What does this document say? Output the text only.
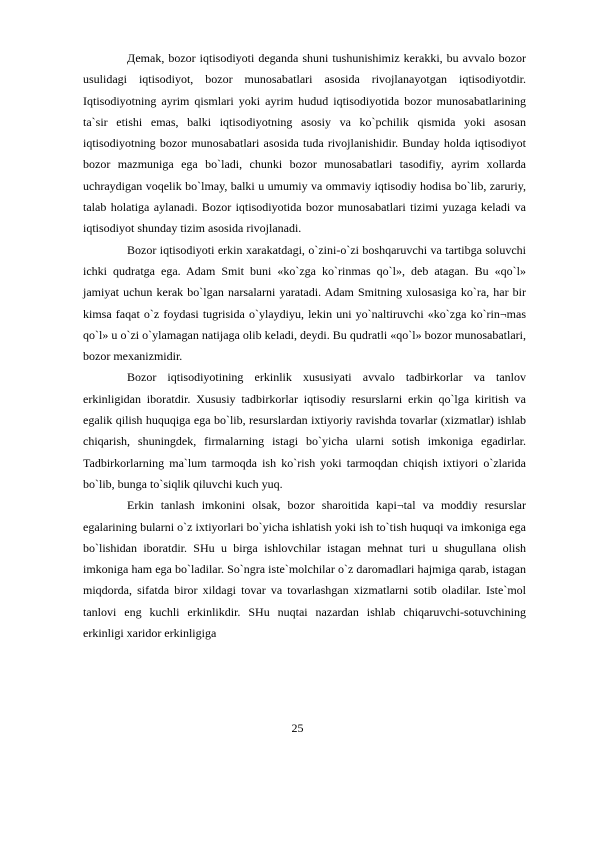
Деmak, bozor iqtisodiyoti deganda shuni tushunishimiz kerakki, bu avvalo bozor usulidagi iqtisodiyot, bozor munosabatlari asosida rivojlanayotgan iqtisodiyotdir. Iqtisodiyotning ayrim qismlari yoki ayrim hudud iqtisodiyotida bozor munosabatlarining ta`sir etishi emas, balki iqtisodiyotning asosiy va ko`pchilik qismida yoki asosan iqtisodiyotning bozor munosabatlari asosida tuda rivojlanishidir. Bunday holda iqtisodiyot bozor mazmuniga ega bo`ladi, chunki bozor munosabatlari tasodifiy, ayrim xollarda uchraydigan voqelik bo`lmay, balki u umumiy va ommaviy iqtisodiy hodisa bo`lib, zaruriy, talab holatiga aylanadi. Bozor iqtisodiyotida bozor munosabatlari tizimi yuzaga keladi va iqtisodiyot shunday tizim asosida rivojlanadi.

Bozor iqtisodiyoti erkin xarakatdagi, o`zini-o`zi boshqaruvchi va tartibga soluvchi ichki qudratga ega. Adam Smit buni «ko`zga ko`rinmas qo`l», deb atagan. Bu «qo`l» jamiyat uchun kerak bo`lgan narsalarni yaratadi. Adam Smitning xulosasiga ko`ra, har bir kimsa faqat o`z foydasi tugrisida o`ylaydiyu, lekin uni yo`naltiruvchi «ko`zga ko`rin¬mas qo`l» u o`zi o`ylamagan natijaga olib keladi, deydi. Bu qudratli «qo`l» bozor munosabatlari, bozor mexanizmidir.

Bozor iqtisodiyotining erkinlik xususiyati avvalo tadbirkorlar va tanlov erkinligidan iboratdir. Xususiy tadbirkorlar iqtisodiy resurslarni erkin qo`lga kiritish va egalik qilish huquqiga ega bo`lib, resurslardan ixtiyoriy ravishda tovarlar (xizmatlar) ishlab chiqarish, shuningdek, firmalarning istagi bo`yicha ularni sotish imkoniga egadirlar. Tadbirkorlarning ma`lum tarmoqda ish ko`rish yoki tarmoqdan chiqish ixtiyori o`zlarida bo`lib, bunga to`siqlik qiluvchi kuch yuq.

Erkin tanlash imkonini olsak, bozor sharoitida kapi¬tal va moddiy resurslar egalarining bularni o`z ixtiyorlari bo`yicha ishlatish yoki ish to`tish huquqi va imkoniga ega bo`lishidan iboratdir. SHu u birga ishlovchilar istagan mehnat turi u shugullana olish imkoniga ham ega bo`ladilar. So`ngra iste`molchilar o`z daromadlari hajmiga qarab, istagan miqdorda, sifatda biror xildagi tovar va tovarlashgan xizmatlarni sotib oladilar. Iste`mol tanlovi eng kuchli erkinlikdir. SHu nuqtai nazardan ishlab chiqaruvchi-sotuvchining erkinligi xaridor erkinligiga

25
